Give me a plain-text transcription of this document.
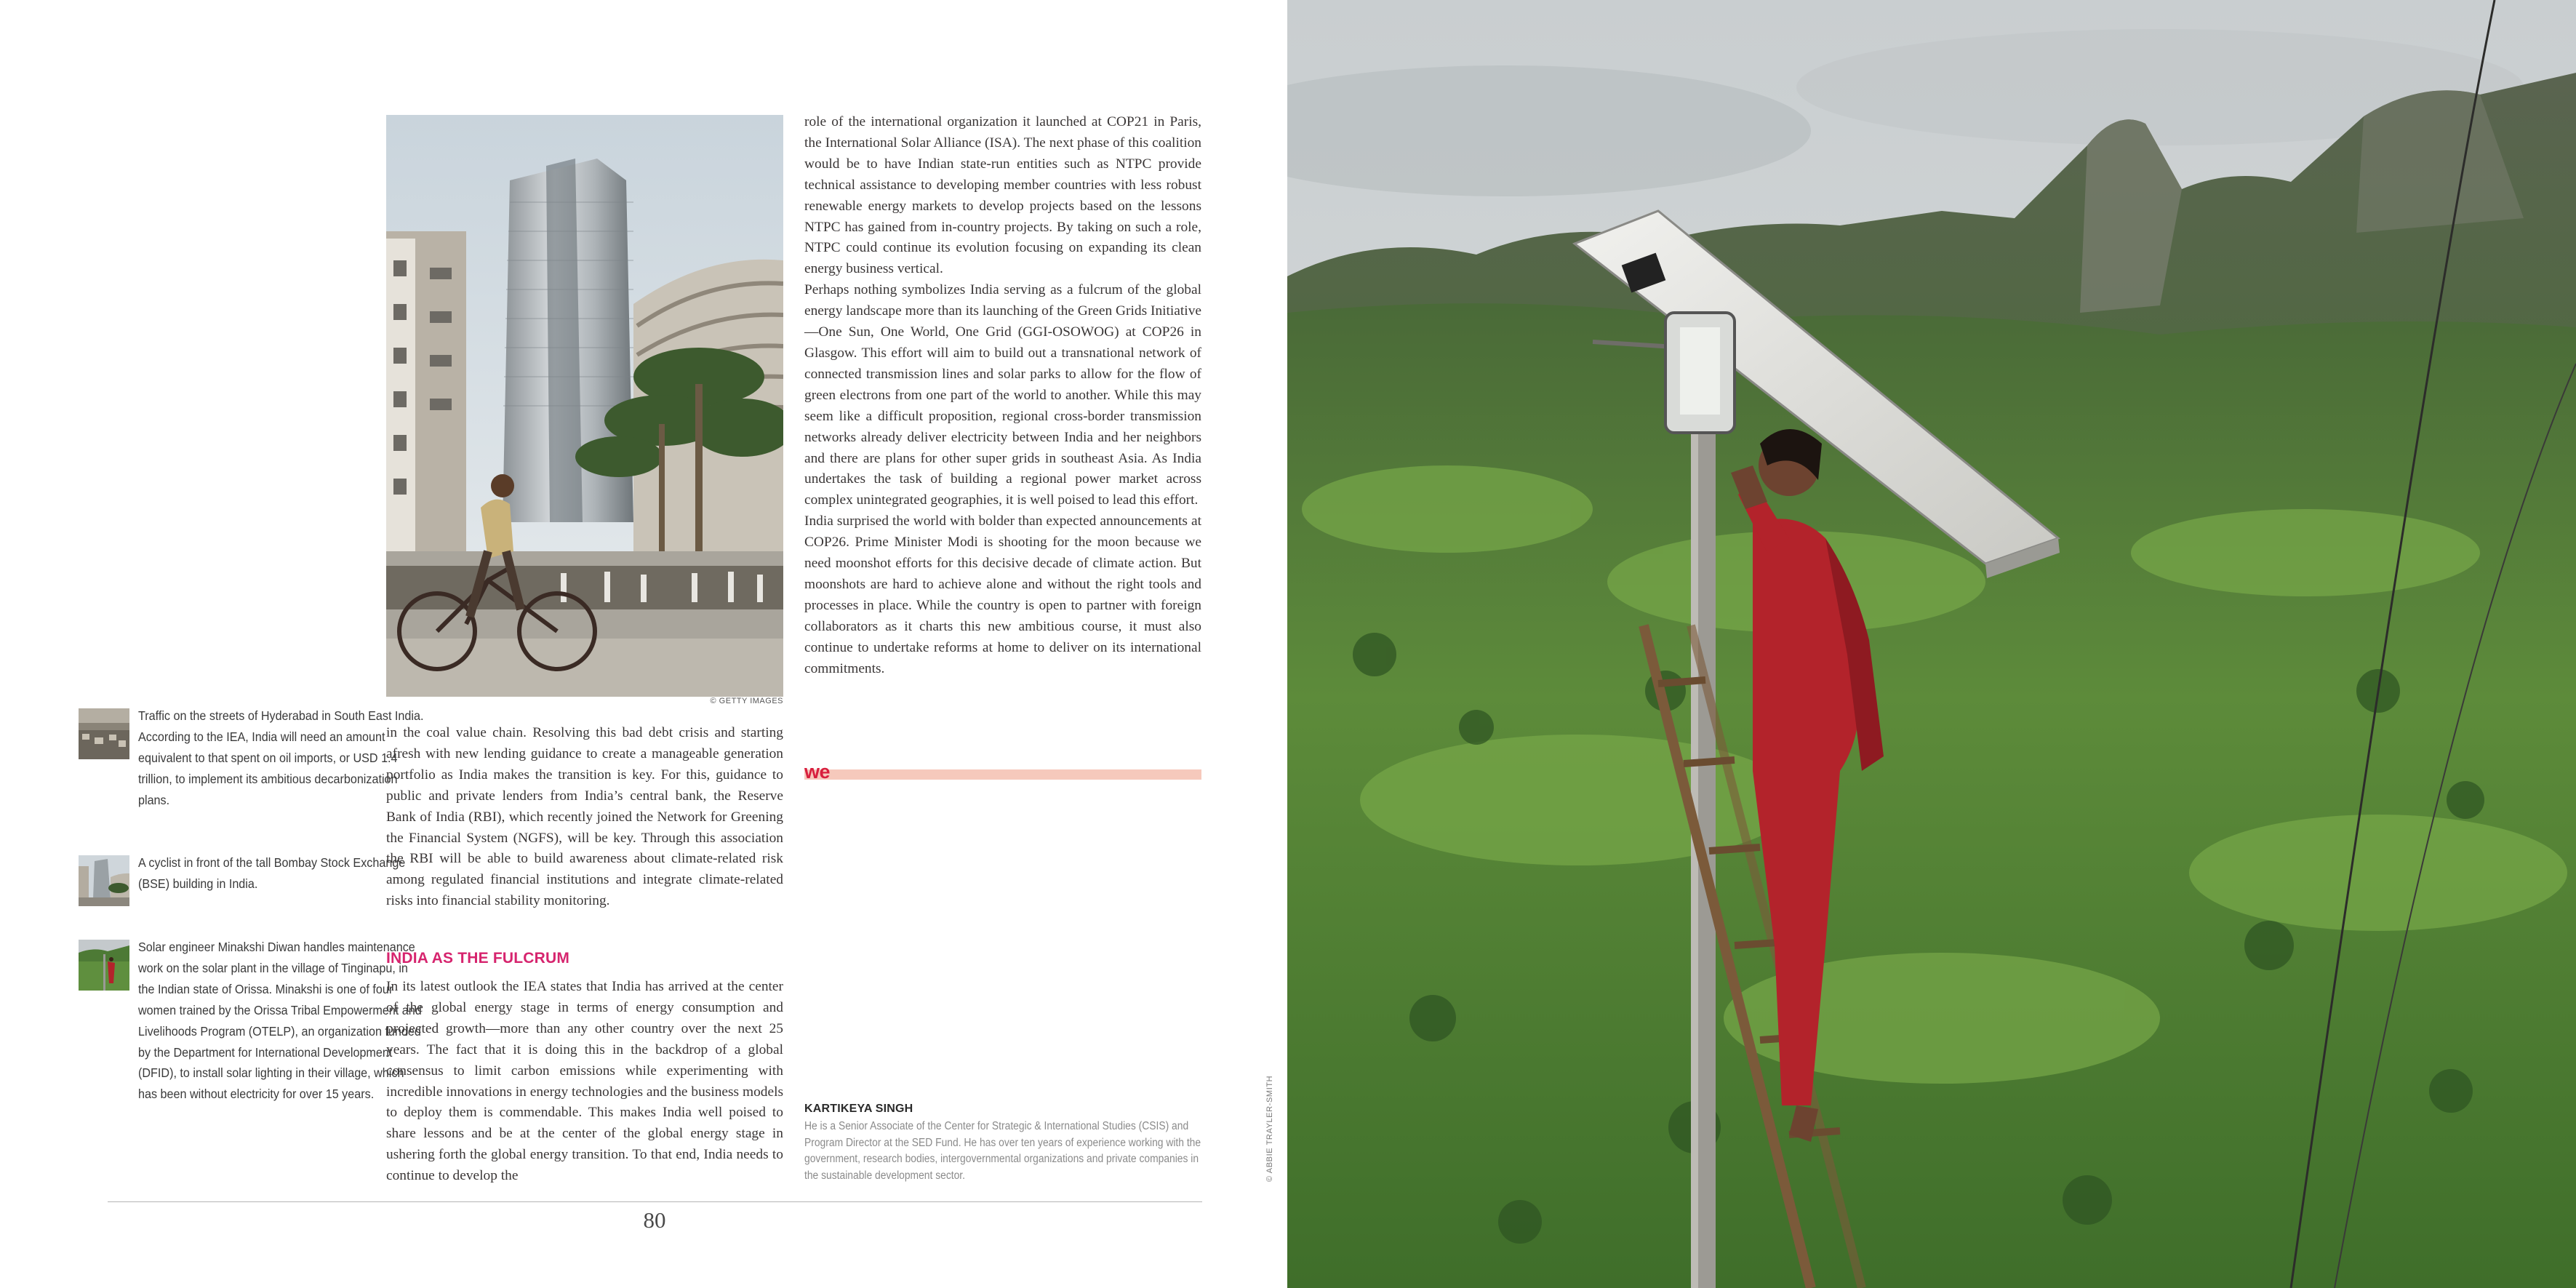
© GETTY IMAGES

in the coal value chain. Resolving this bad debt crisis and starting afresh with new lending guidance to create a manageable generation portfolio as India makes the transition is key. For this, guidance to public and private lenders from India’s central bank, the Reserve Bank of India (RBI), which recently joined the Network for Greening the Financial System (NGFS), will be key. Through this association the RBI will be able to build awareness about climate-related risk among regulated financial institutions and integrate climate-related risks into financial stability monitoring.

INDIA AS THE FULCRUM

In its latest outlook the IEA states that India has arrived at the center of the global energy stage in terms of energy consumption and projected growth—more than any other country over the next 25 years. The fact that it is doing this in the backdrop of a global consensus to limit carbon emissions while experimenting with incredible innovations in energy technologies and the business models to deploy them is commendable. This makes India well poised to share lessons and be at the center of the global energy stage in ushering forth the global energy transition. To that end, India needs to continue to develop the

role of the international organization it launched at COP21 in Paris, the International Solar Alliance (ISA). The next phase of this coalition would be to have Indian state-run entities such as NTPC provide technical assistance to developing member countries with less robust renewable energy markets to develop projects based on the lessons NTPC has gained from in-country projects. By taking on such a role, NTPC could continue its evolution focusing on expanding its clean energy business vertical.

Perhaps nothing symbolizes India serving as a fulcrum of the global energy landscape more than its launching of the Green Grids Initiative—One Sun, One World, One Grid (GGI-OSOWOG) at COP26 in Glasgow. This effort will aim to build out a transnational network of connected transmission lines and solar parks to allow for the flow of green electrons from one part of the world to another. While this may seem like a difficult proposition, regional cross-border transmission networks already deliver electricity between India and her neighbors and there are plans for other super grids in southeast Asia. As India undertakes the task of building a regional power market across complex unintegrated geographies, it is well poised to lead this effort.

India surprised the world with bolder than expected announcements at COP26. Prime Minister Modi is shooting for the moon because we need moonshot efforts for this decisive decade of climate action. But moonshots are hard to achieve alone and without the right tools and processes in place. While the country is open to partner with foreign collaborators as it charts this new ambitious course, it must also continue to undertake reforms at home to deliver on its international commitments.

we
KARTIKEYA SINGH
He is a Senior Associate of the Center for Strategic & International Studies (CSIS) and Program Director at the SED Fund. He has over ten years of experience working with the government, research bodies, intergovernmental organizations and private companies in the sustainable development sector.
Traffic on the streets of Hyderabad in South East India. According to the IEA, India will need an amount equivalent to that spent on oil imports, or USD 1.4 trillion, to implement its ambitious decarbonization plans.
A cyclist in front of the tall Bombay Stock Exchange (BSE) building in India.
Solar engineer Minakshi Diwan handles maintenance work on the solar plant in the village of Tinginapu, in the Indian state of Orissa. Minakshi is one of four women trained by the Orissa Tribal Empowerment and Livelihoods Program (OTELP), an organization funded by the Department for International Development (DFID), to install solar lighting in their village, which has been without electricity for over 15 years.
80
© ABBIE TRAYLER-SMITH
